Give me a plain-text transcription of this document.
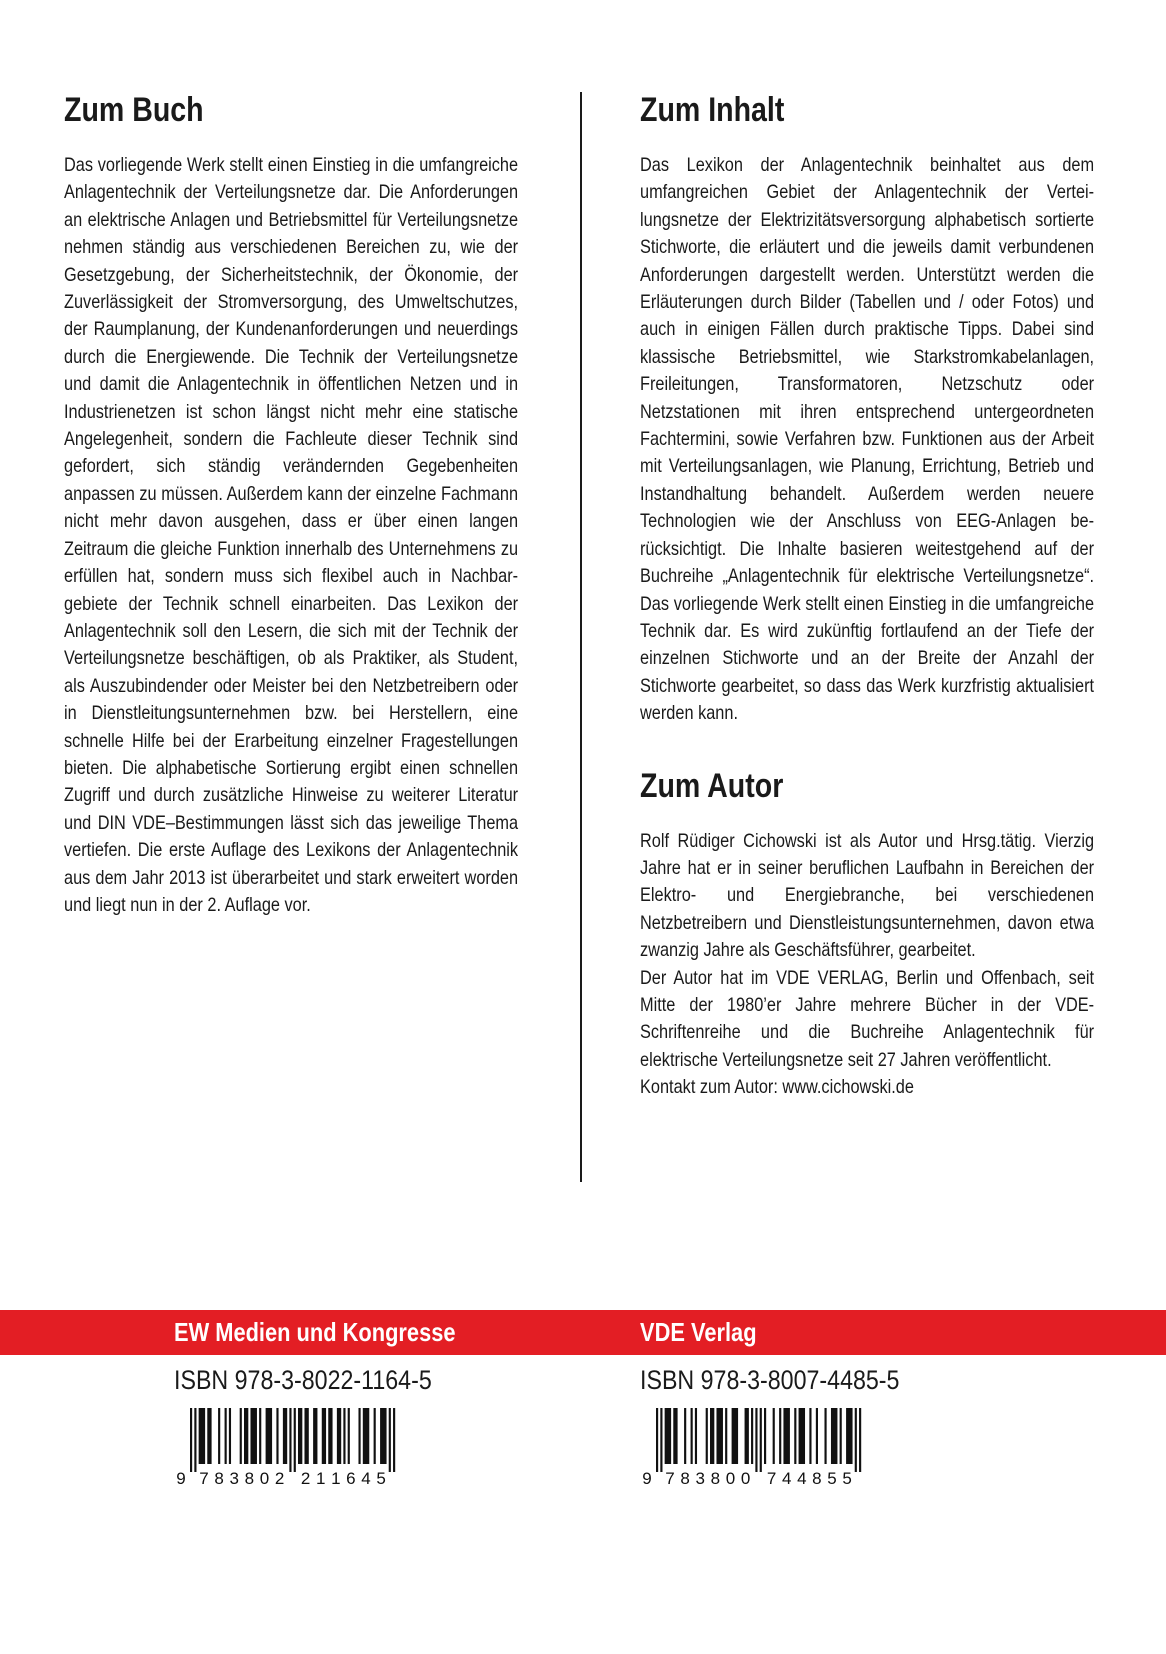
Zum Buch

Das vorliegende Werk stellt einen Einstieg in die umfangreiche Anlagentechnik der Verteilungsnetze dar. Die Anforderungen an elektrische Anlagen und Betriebsmittel für Verteilungsnetze nehmen ständig aus verschiedenen Bereichen zu, wie der Gesetzgebung, der Sicherheitstechnik, der Ökonomie, der Zuverlässigkeit der Stromversorgung, des Umweltschutzes, der Raumplanung, der Kundenanforderungen und neuerdings durch die Energiewende. Die Technik der Verteilungsnetze und damit die Anlagentechnik in öffentlichen Netzen und in Industrienetzen ist schon längst nicht mehr eine statische Angelegenheit, sondern die Fachleute dieser Technik sind gefordert, sich ständig verändernden Gegebenheiten anpassen zu müssen. Außerdem kann der einzelne Fachmann nicht mehr davon ausgehen, dass er über einen langen Zeitraum die gleiche Funktion innerhalb des Unternehmens zu erfüllen hat, sondern muss sich flexibel auch in Nachbargebiete der Technik schnell einarbeiten. Das Lexikon der Anlagentechnik soll den Lesern, die sich mit der Technik der Verteilungsnetze beschäftigen, ob als Praktiker, als Student, als Auszubindender oder Meister bei den Netzbetreibern oder in Dienstleitungsunternehmen bzw. bei Herstellern, eine schnelle Hilfe bei der Erarbeitung einzelner Fragestellungen bieten. Die alphabetische Sortierung ergibt einen schnellen Zugriff und durch zusätzliche Hinweise zu weiterer Literatur und DIN VDE–Bestimmungen lässt sich das jeweilige Thema vertiefen. Die erste Auflage des Lexikons der Anlagentechnik aus dem Jahr 2013 ist überarbeitet und stark erweitert worden und liegt nun in der 2. Auflage vor.

Zum Inhalt

Das Lexikon der Anlagentechnik beinhaltet aus dem umfangreichen Gebiet der Anlagentechnik der Verteilungsnetze der Elektrizitätsversorgung alphabetisch sortierte Stichworte, die erläutert und die jeweils damit verbundenen Anforderungen dargestellt werden. Unterstützt werden die Erläuterungen durch Bilder (Tabellen und / oder Fotos) und auch in einigen Fällen durch praktische Tipps. Dabei sind klassische Betriebsmittel, wie Starkstromkabelanlagen, Freileitungen, Transformatoren, Netzschutz oder Netzstationen mit ihren entsprechend untergeordneten Fachtermini, sowie Verfahren bzw. Funktionen aus der Arbeit mit Verteilungsanlagen, wie Planung, Errichtung, Betrieb und Instandhaltung behandelt. Außerdem werden neuere Technologien wie der Anschluss von EEG-Anlagen berücksichtigt. Die Inhalte basieren weitestgehend auf der Buchreihe „Anlagentechnik für elektrische Verteilungsnetze“. Das vorliegende Werk stellt einen Einstieg in die umfangreiche Technik dar. Es wird zukünftig fortlaufend an der Tiefe der einzelnen Stichworte und an der Breite der Anzahl der Stichworte gearbeitet, so dass das Werk kurzfristig aktualisiert werden kann.

Zum Autor

Rolf Rüdiger Cichowski ist als Autor und Hrsg.tätig. Vierzig Jahre hat er in seiner beruflichen Laufbahn in Bereichen der Elektro- und Energiebranche, bei verschiedenen Netzbetreibern und Dienstleistungsunternehmen, davon etwa zwanzig Jahre als Geschäftsführer, gearbeitet.

Der Autor hat im VDE VERLAG, Berlin und Offenbach, seit Mitte der 1980’er Jahre mehrere Bücher in der VDE-Schriftenreihe und die Buchreihe Anlagentechnik für elektrische Verteilungsnetze seit 27 Jahren veröffentlicht.

Kontakt zum Autor: www.cichowski.de

EW Medien und Kongresse	VDE Verlag
ISBN 978-3-8022-1164-5	ISBN 978-3-8007-4485-5
9 7 8 3 8 0 2 2 1 1 6 4 5	9 7 8 3 8 0 0 7 4 4 8 5 5
